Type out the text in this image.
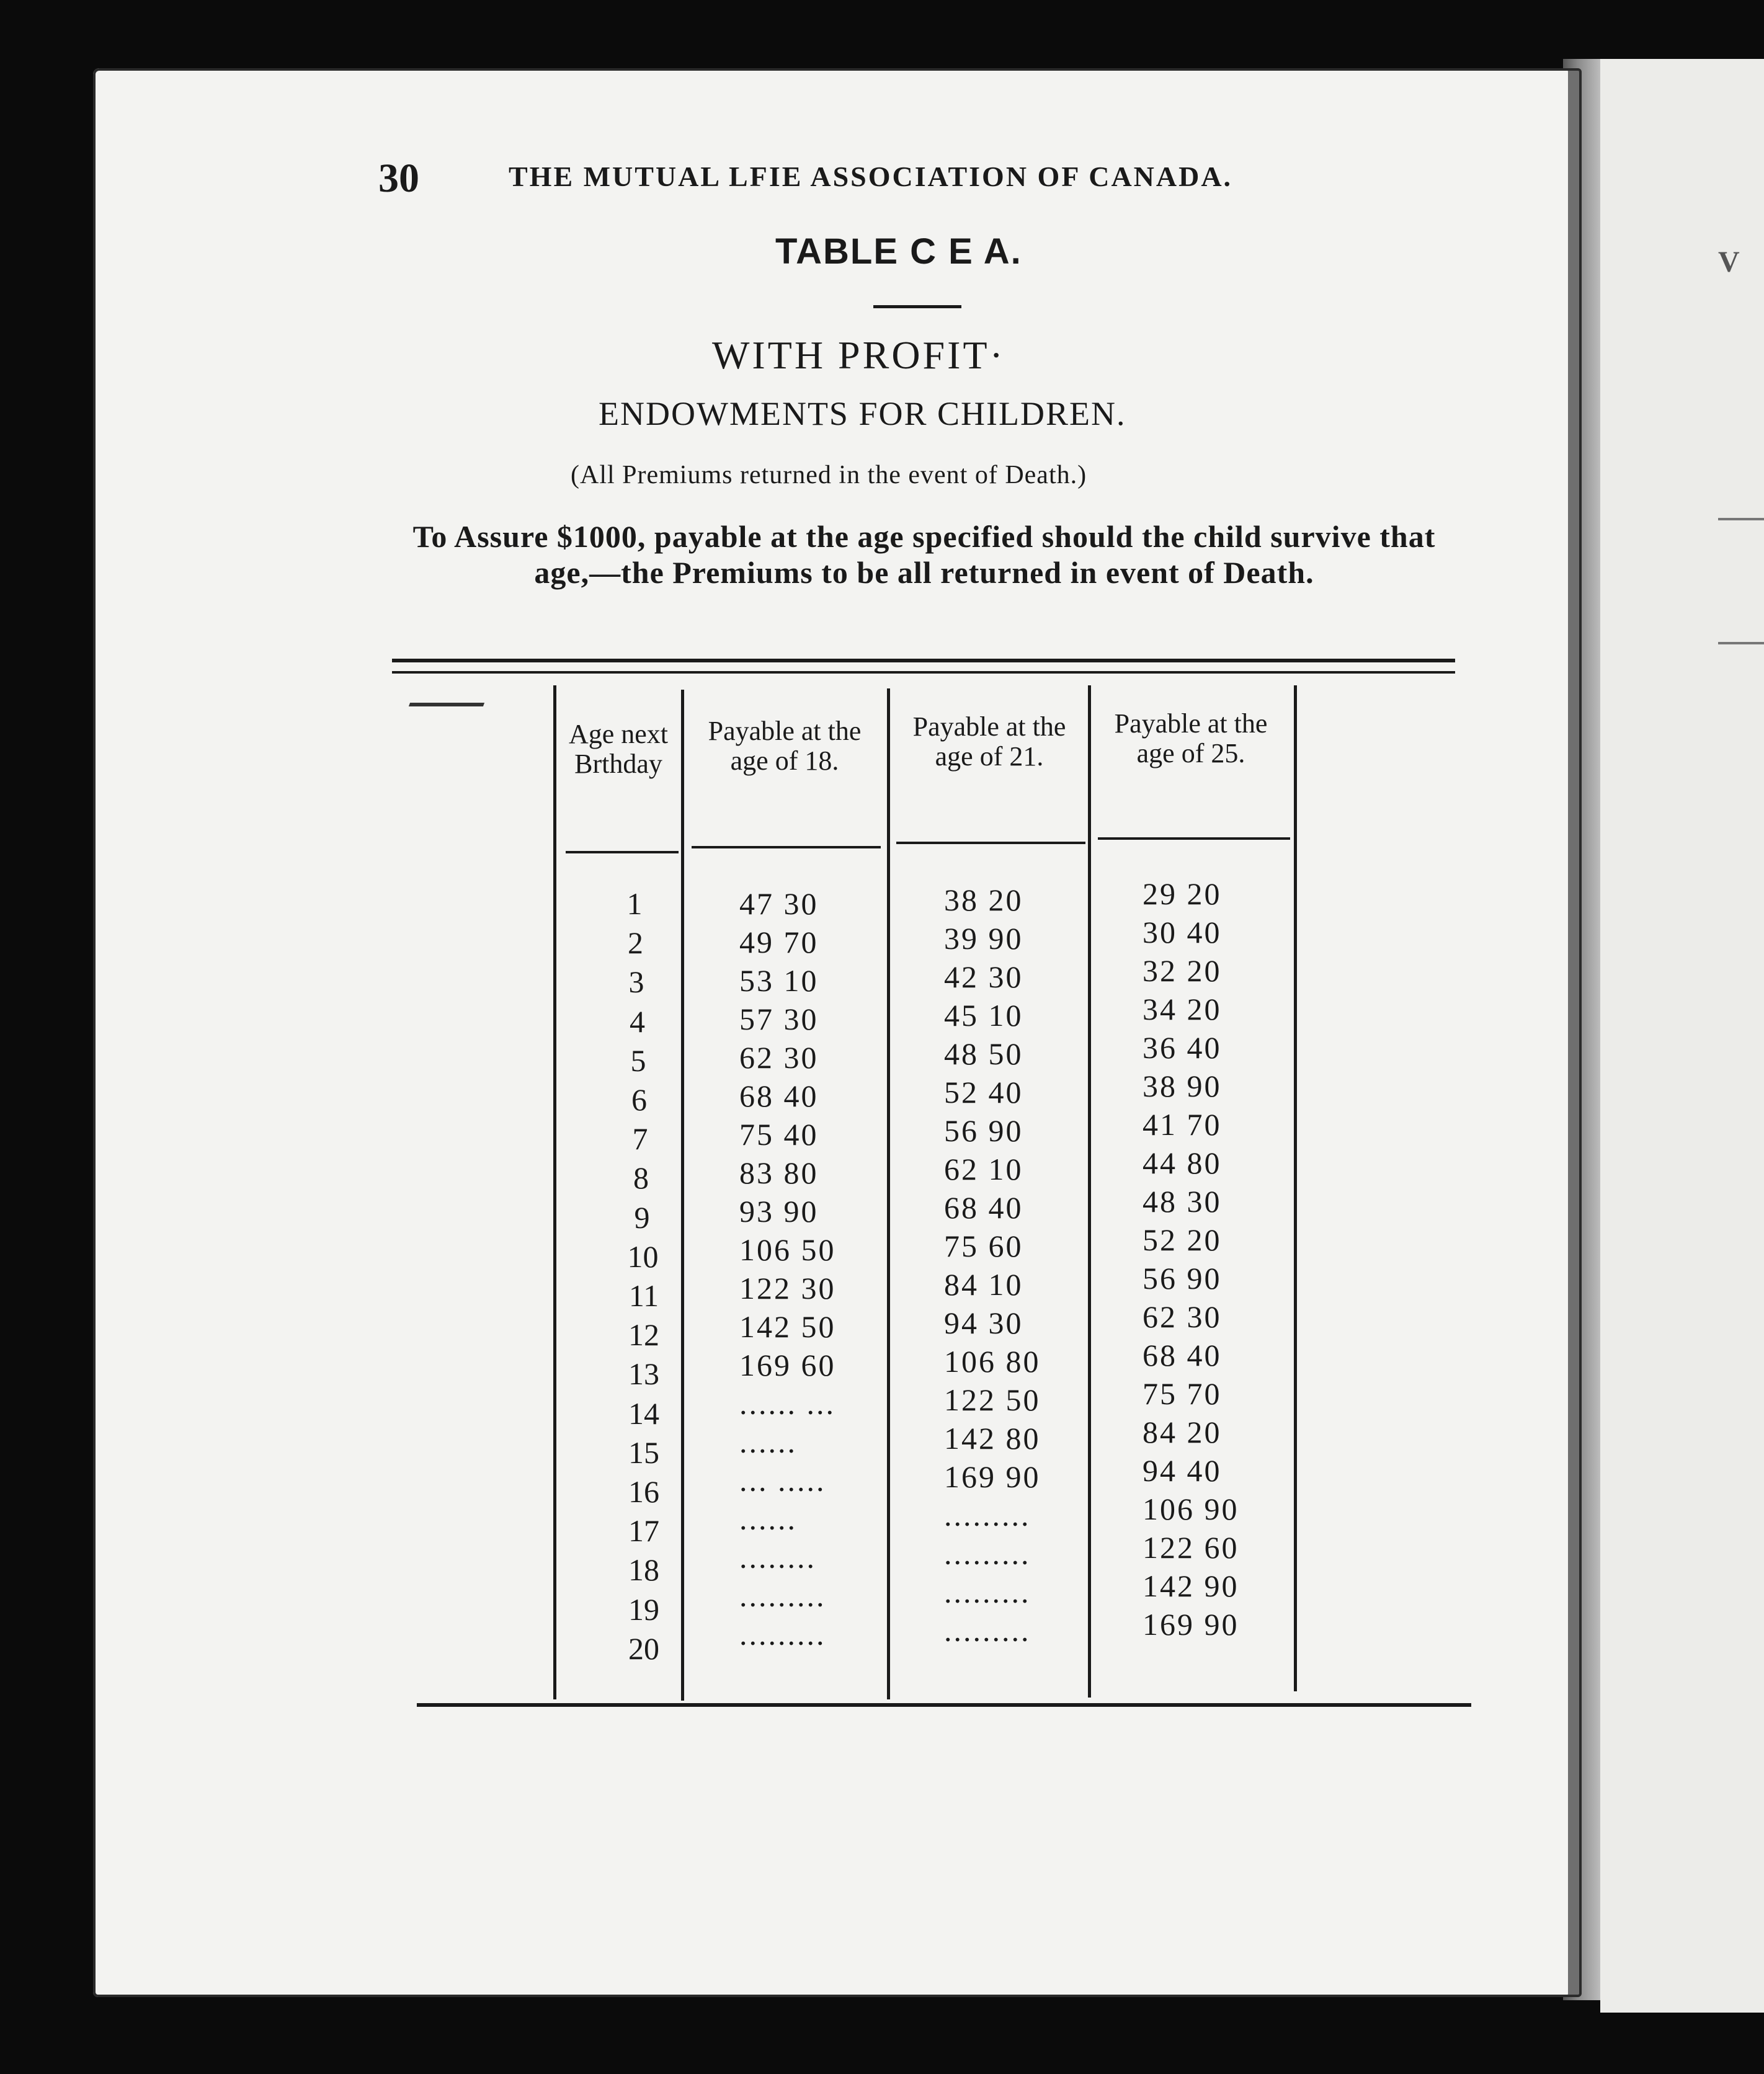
V
30	THE MUTUAL LFIE ASSOCIATION OF CANADA.
TABLE C E A.
WITH PROFIT·
ENDOWMENTS FOR CHILDREN.
(All Premiums returned in the event of Death.)
To Assure $1000, payable at the age specified should the child survive that age,—the Premiums to be all returned in event of Death.
Age next Brthday
Payable at the age of 18.
Payable at the age of 21.
Payable at the age of 25.
1	47 30	38 20	29 20
2	49 70	39 90	30 40
3	53 10	42 30	32 20
4	57 30	45 10	34 20
5	62 30	48 50	36 40
6	68 40	52 40	38 90
7	75 40	56 90	41 70
8	83 80	62 10	44 80
9	93 90	68 40	48 30
10	106 50	75 60	52 20
11	122 30	84 10	56 90
12	142 50	94 30	62 30
13	169 60	106 80	68 40
14	...... ...	122 50	75 70
15	......	142 80	84 20
16	... .....	169 90	94 40
17	......	.........	106 90
18	........	.........	122 60
19	.........	.........	142 90
20	.........	.........	169 90
